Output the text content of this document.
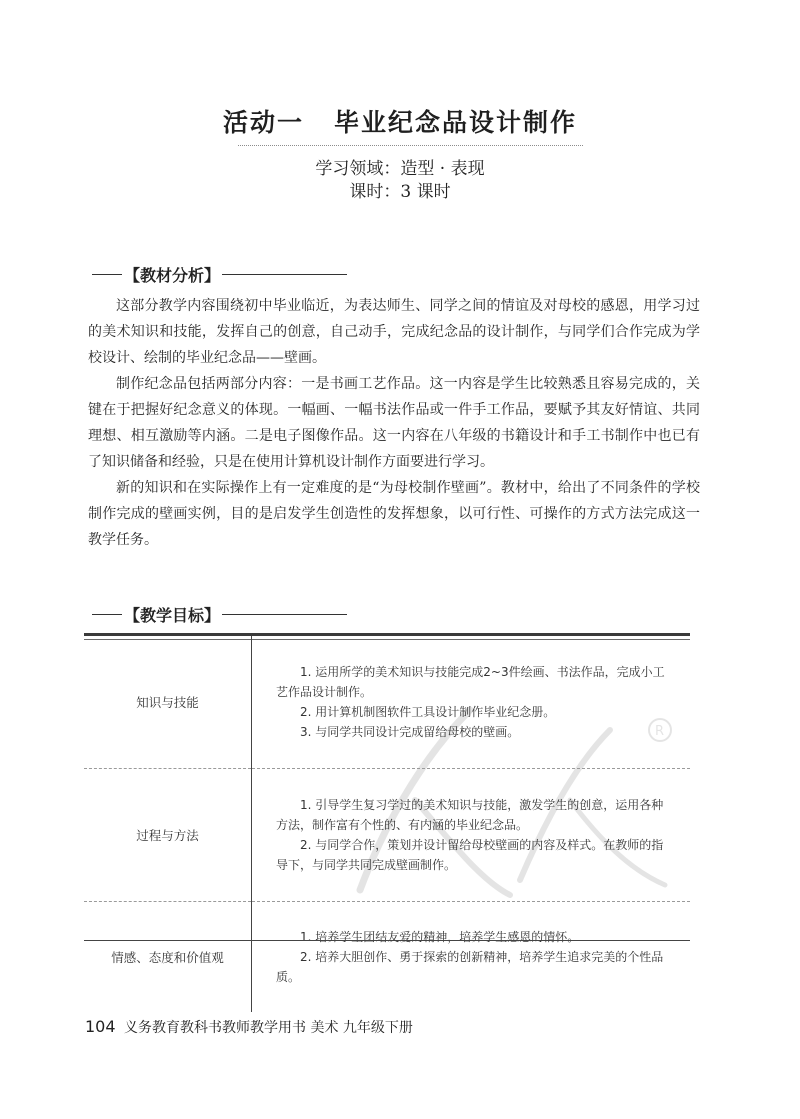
活动一 毕业纪念品设计制作
学习领域：造型 · 表现
课时：3 课时
【教材分析】

这部分教学内容围绕初中毕业临近，为表达师生、同学之间的情谊及对母校的感恩，用学习过的美术知识和技能，发挥自己的创意，自己动手，完成纪念品的设计制作，与同学们合作完成为学校设计、绘制的毕业纪念品——壁画。

制作纪念品包括两部分内容：一是书画工艺作品。这一内容是学生比较熟悉且容易完成的，关键在于把握好纪念意义的体现。一幅画、一幅书法作品或一件手工作品，要赋予其友好情谊、共同理想、相互激励等内涵。二是电子图像作品。这一内容在八年级的书籍设计和手工书制作中也已有了知识储备和经验，只是在使用计算机设计制作方面要进行学习。

新的知识和在实际操作上有一定难度的是“为母校制作壁画”。教材中，给出了不同条件的学校制作完成的壁画实例，目的是启发学生创造性的发挥想象，以可行性、可操作的方式方法完成这一教学任务。

【教学目标】
R
知识与技能	1. 运用所学的美术知识与技能完成2~3件绘画、书法作品，完成小工艺作品设计制作。

2. 用计算机制图软件工具设计制作毕业纪念册。

3. 与同学共同设计完成留给母校的壁画。

过程与方法	1. 引导学生复习学过的美术知识与技能，激发学生的创意，运用各种方法，制作富有个性的、有内涵的毕业纪念品。

2. 与同学合作，策划并设计留给母校壁画的内容及样式。在教师的指导下，与同学共同完成壁画制作。

情感、态度和价值观	1. 培养学生团结友爱的精神，培养学生感恩的情怀。

2. 培养大胆创作、勇于探索的创新精神，培养学生追求完美的个性品质。

104 义务教育教科书教师教学用书 美术 九年级下册
